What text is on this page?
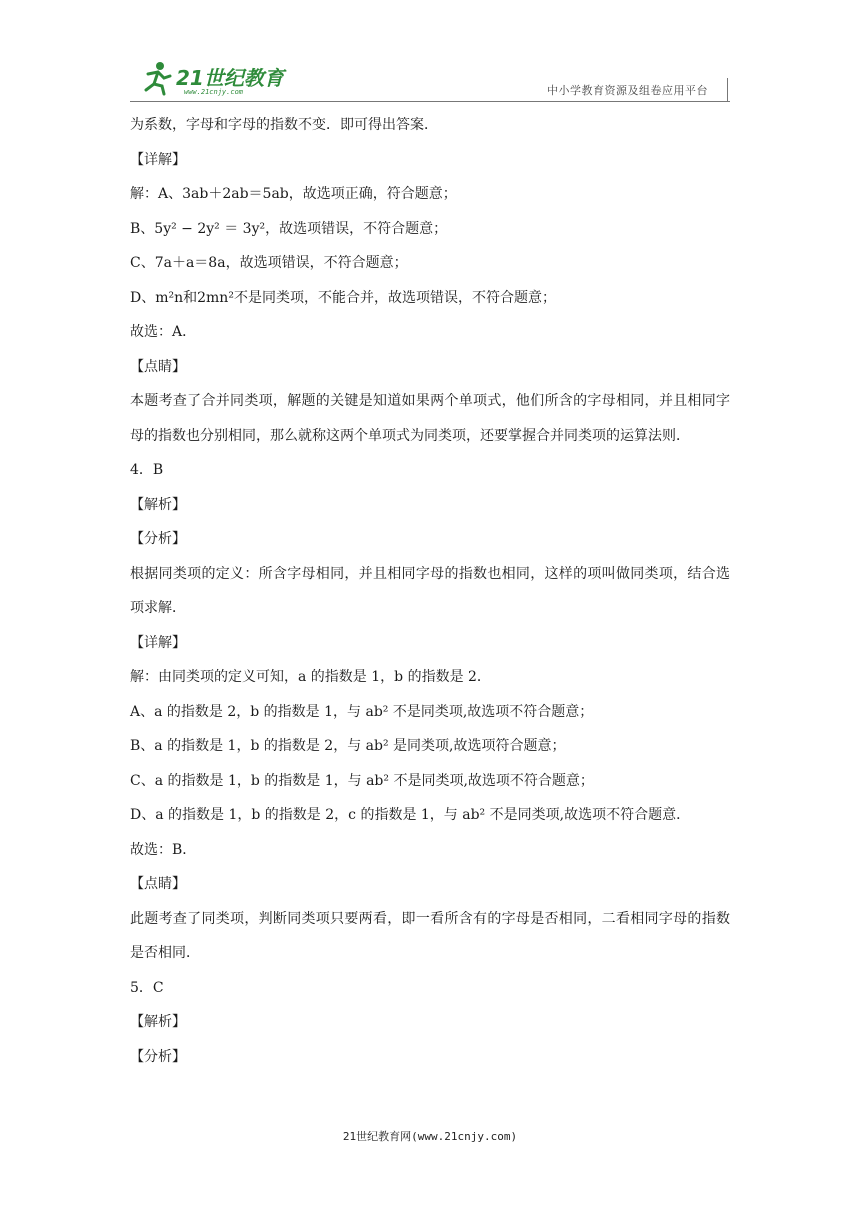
21世纪教育
www.21cnjy.com	中小学教育资源及组卷应用平台
为系数，字母和字母的指数不变．即可得出答案．
【详解】
解：A、3ab＋2ab＝5ab，故选项正确，符合题意；
B、5y² − 2y² ＝ 3y²，故选项错误，不符合题意；
C、7a＋a＝8a，故选项错误，不符合题意；
D、m²n和2mn²不是同类项，不能合并，故选项错误，不符合题意；
故选：A．
【点睛】
本题考查了合并同类项，解题的关键是知道如果两个单项式，他们所含的字母相同，并且相同字母的指数也分别相同，那么就称这两个单项式为同类项，还要掌握合并同类项的运算法则．
4．B
【解析】
【分析】
根据同类项的定义：所含字母相同，并且相同字母的指数也相同，这样的项叫做同类项，结合选项求解．
【详解】
解：由同类项的定义可知，a 的指数是 1，b 的指数是 2．
A、a 的指数是 2，b 的指数是 1，与 ab² 不是同类项,故选项不符合题意；
B、a 的指数是 1，b 的指数是 2，与 ab² 是同类项,故选项符合题意；
C、a 的指数是 1，b 的指数是 1，与 ab² 不是同类项,故选项不符合题意；
D、a 的指数是 1，b 的指数是 2，c 的指数是 1，与 ab² 不是同类项,故选项不符合题意．
故选：B．
【点睛】
此题考查了同类项，判断同类项只要两看，即一看所含有的字母是否相同，二看相同字母的指数是否相同．
5．C
【解析】
【分析】
21世纪教育网(www.21cnjy.com)
